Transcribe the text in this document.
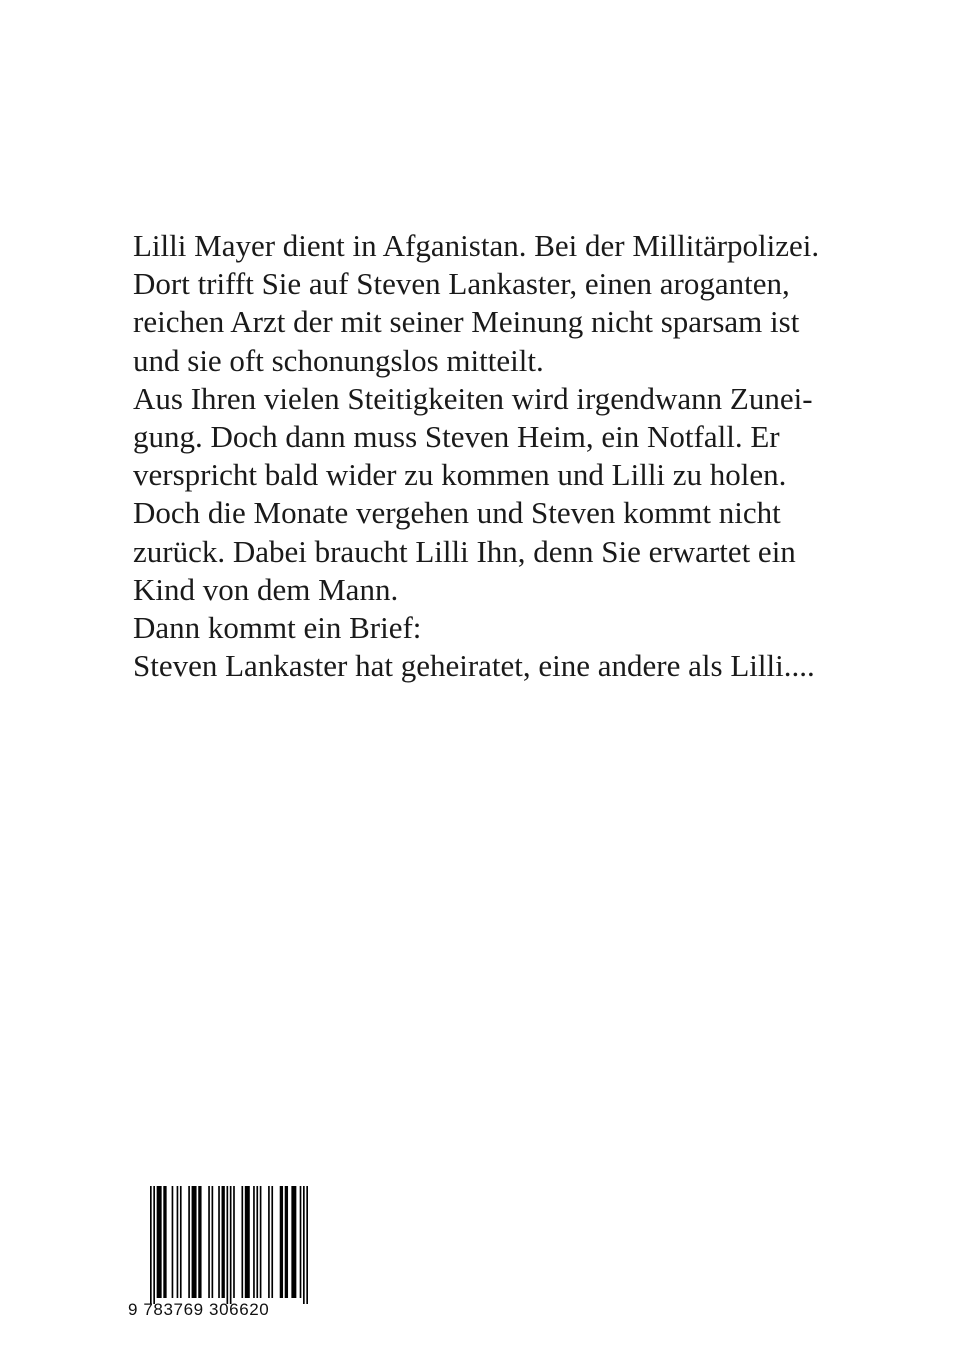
Lilli Mayer dient in Afganistan. Bei der Millitärpolizei.
Dort trifft Sie auf Steven Lankaster, einen aroganten,
reichen Arzt der mit seiner Meinung nicht sparsam ist
und sie oft schonungslos mitteilt.
Aus Ihren vielen Steitigkeiten wird irgendwann Zunei-
gung. Doch dann muss Steven Heim, ein Notfall. Er
verspricht bald wider zu kommen und Lilli zu holen.
Doch die Monate vergehen und Steven kommt nicht
zurück. Dabei braucht Lilli Ihn, denn Sie erwartet ein
Kind von dem Mann.
Dann kommt ein Brief:
Steven Lankaster hat geheiratet, eine andere als Lilli....
9 783769 306620
